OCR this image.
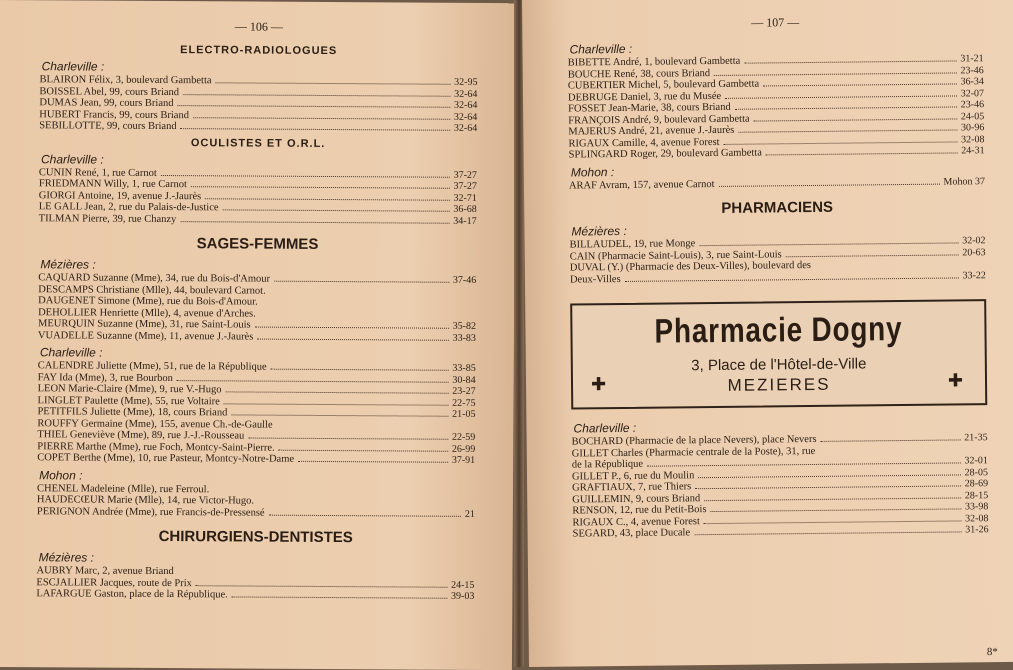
— 106 —
ELECTRO-RADIOLOGUES
Charleville :
BLAIRON Félix, 3, boulevard Gambetta	32-95
BOISSEL Abel, 99, cours Briand	32-64
DUMAS Jean, 99, cours Briand	32-64
HUBERT Francis, 99, cours Briand	32-64
SEBILLOTTE, 99, cours Briand	32-64
OCULISTES ET O.R.L.
Charleville :
CUNIN René, 1, rue Carnot	37-27
FRIEDMANN Willy, 1, rue Carnot	37-27
GIORGI Antoine, 19, avenue J.-Jaurès	32-71
LE GALL Jean, 2, rue du Palais-de-Justice	36-68
TILMAN Pierre, 39, rue Chanzy	34-17
SAGES-FEMMES
Mézières :
CAQUARD Suzanne (Mme), 34, rue du Bois-d'Amour	37-46
DESCAMPS Christiane (Mlle), 44, boulevard Carnot.
DAUGENET Simone (Mme), rue du Bois-d'Amour.
DEHOLLIER Henriette (Mlle), 4, avenue d'Arches.
MEURQUIN Suzanne (Mme), 31, rue Saint-Louis	35-82
VUADELLE Suzanne (Mme), 11, avenue J.-Jaurès	33-83
Charleville :
CALENDRE Juliette (Mme), 51, rue de la République	33-85
FAY Ida (Mme), 3, rue Bourbon	30-84
LEON Marie-Claire (Mme), 9, rue V.-Hugo	23-27
LINGLET Paulette (Mme), 55, rue Voltaire	22-75
PETITFILS Juliette (Mme), 18, cours Briand	21-05
ROUFFY Germaine (Mme), 155, avenue Ch.-de-Gaulle
THIEL Geneviève (Mme), 89, rue J.-J.-Rousseau	22-59
PIERRE Marthe (Mme), rue Foch, Montcy-Saint-Pierre.	26-99
COPET Berthe (Mme), 10, rue Pasteur, Montcy-Notre-Dame	37-91
Mohon :
CHENEL Madeleine (Mlle), rue Ferroul.
HAUDECŒUR Marie (Mlle), 14, rue Victor-Hugo.
PERIGNON Andrée (Mme), rue Francis-de-Pressensé	21
CHIRURGIENS-DENTISTES
Mézières :
AUBRY Marc, 2, avenue Briand
ESCJALLIER Jacques, route de Prix	24-15
LAFARGUE Gaston, place de la République.	39-03
— 107 —
Charleville :
BIBETTE André, 1, boulevard Gambetta	31-21
BOUCHE René, 38, cours Briand	23-46
CUBERTIER Michel, 5, boulevard Gambetta	36-34
DEBRUGE Daniel, 3, rue du Musée	32-07
FOSSET Jean-Marie, 38, cours Briand	23-46
FRANÇOIS André, 9, boulevard Gambetta	24-05
MAJERUS André, 21, avenue J.-Jaurès	30-96
RIGAUX Camille, 4, avenue Forest	32-08
SPLINGARD Roger, 29, boulevard Gambetta	24-31
Mohon :
ARAF Avram, 157, avenue Carnot	Mohon 37
PHARMACIENS
Mézières :
BILLAUDEL, 19, rue Monge	32-02
CAIN (Pharmacie Saint-Louis), 3, rue Saint-Louis	20-63
DUVAL (Y.) (Pharmacie des Deux-Villes), boulevard des
Deux-Villes	33-22
Pharmacie Dogny
3, Place de l'Hôtel-de-Ville
MEZIERES
✚	✚
Charleville :
BOCHARD (Pharmacie de la place Nevers), place Nevers	21-35
GILLET Charles (Pharmacie centrale de la Poste), 31, rue
de la République	32-01
GILLET P., 6, rue du Moulin	28-05
GRAFTIAUX, 7, rue Thiers	28-69
GUILLEMIN, 9, cours Briand	28-15
RENSON, 12, rue du Petit-Bois	33-98
RIGAUX C., 4, avenue Forest	32-08
SEGARD, 43, place Ducale	31-26
8*
